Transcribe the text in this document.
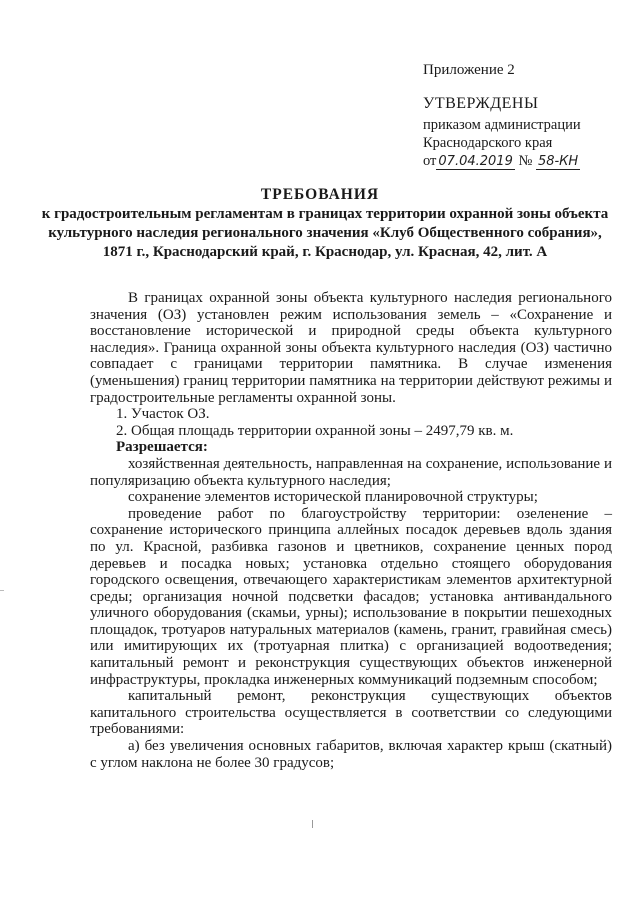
Приложение 2
УТВЕРЖДЕНЫ
приказом администрации
Краснодарского края
от 07.04.2019 № 58-КН
ТРЕБОВАНИЯ
к градостроительным регламентам в границах территории охранной зоны объекта культурного наследия регионального значения «Клуб Общественного собрания», 1871 г., Краснодарский край, г. Краснодар, ул. Красная, 42, лит. А

В границах охранной зоны объекта культурного наследия регионального значения (ОЗ) установлен режим использования земель – «Сохранение и восстановление исторической и природной среды объекта культурного наследия». Граница охранной зоны объекта культурного наследия (ОЗ) частично совпадает с границами территории памятника. В случае изменения (уменьшения) границ территории памятника на территории действуют режимы и градостроительные регламенты охранной зоны.

1. Участок ОЗ.

2. Общая площадь территории охранной зоны – 2497,79 кв. м.

Разрешается:

хозяйственная деятельность, направленная на сохранение, использование и популяризацию объекта культурного наследия;

сохранение элементов исторической планировочной структуры;

проведение работ по благоустройству территории: озеленение – сохранение исторического принципа аллейных посадок деревьев вдоль здания по ул. Красной, разбивка газонов и цветников, сохранение ценных пород деревьев и посадка новых; установка отдельно стоящего оборудования городского освещения, отвечающего характеристикам элементов архитектурной среды; организация ночной подсветки фасадов; установка антивандального уличного оборудования (скамьи, урны); использование в покрытии пешеходных площадок, тротуаров натуральных материалов (камень, гранит, гравийная смесь) или имитирующих их (тротуарная плитка) с организацией водоотведения; капитальный ремонт и реконструкция существующих объектов инженерной инфраструктуры, прокладка инженерных коммуникаций подземным способом;

капитальный ремонт, реконструкция существующих объектов капитального строительства осуществляется в соответствии со следующими требованиями:

а) без увеличения основных габаритов, включая характер крыш (скатный) с углом наклона не более 30 градусов;
